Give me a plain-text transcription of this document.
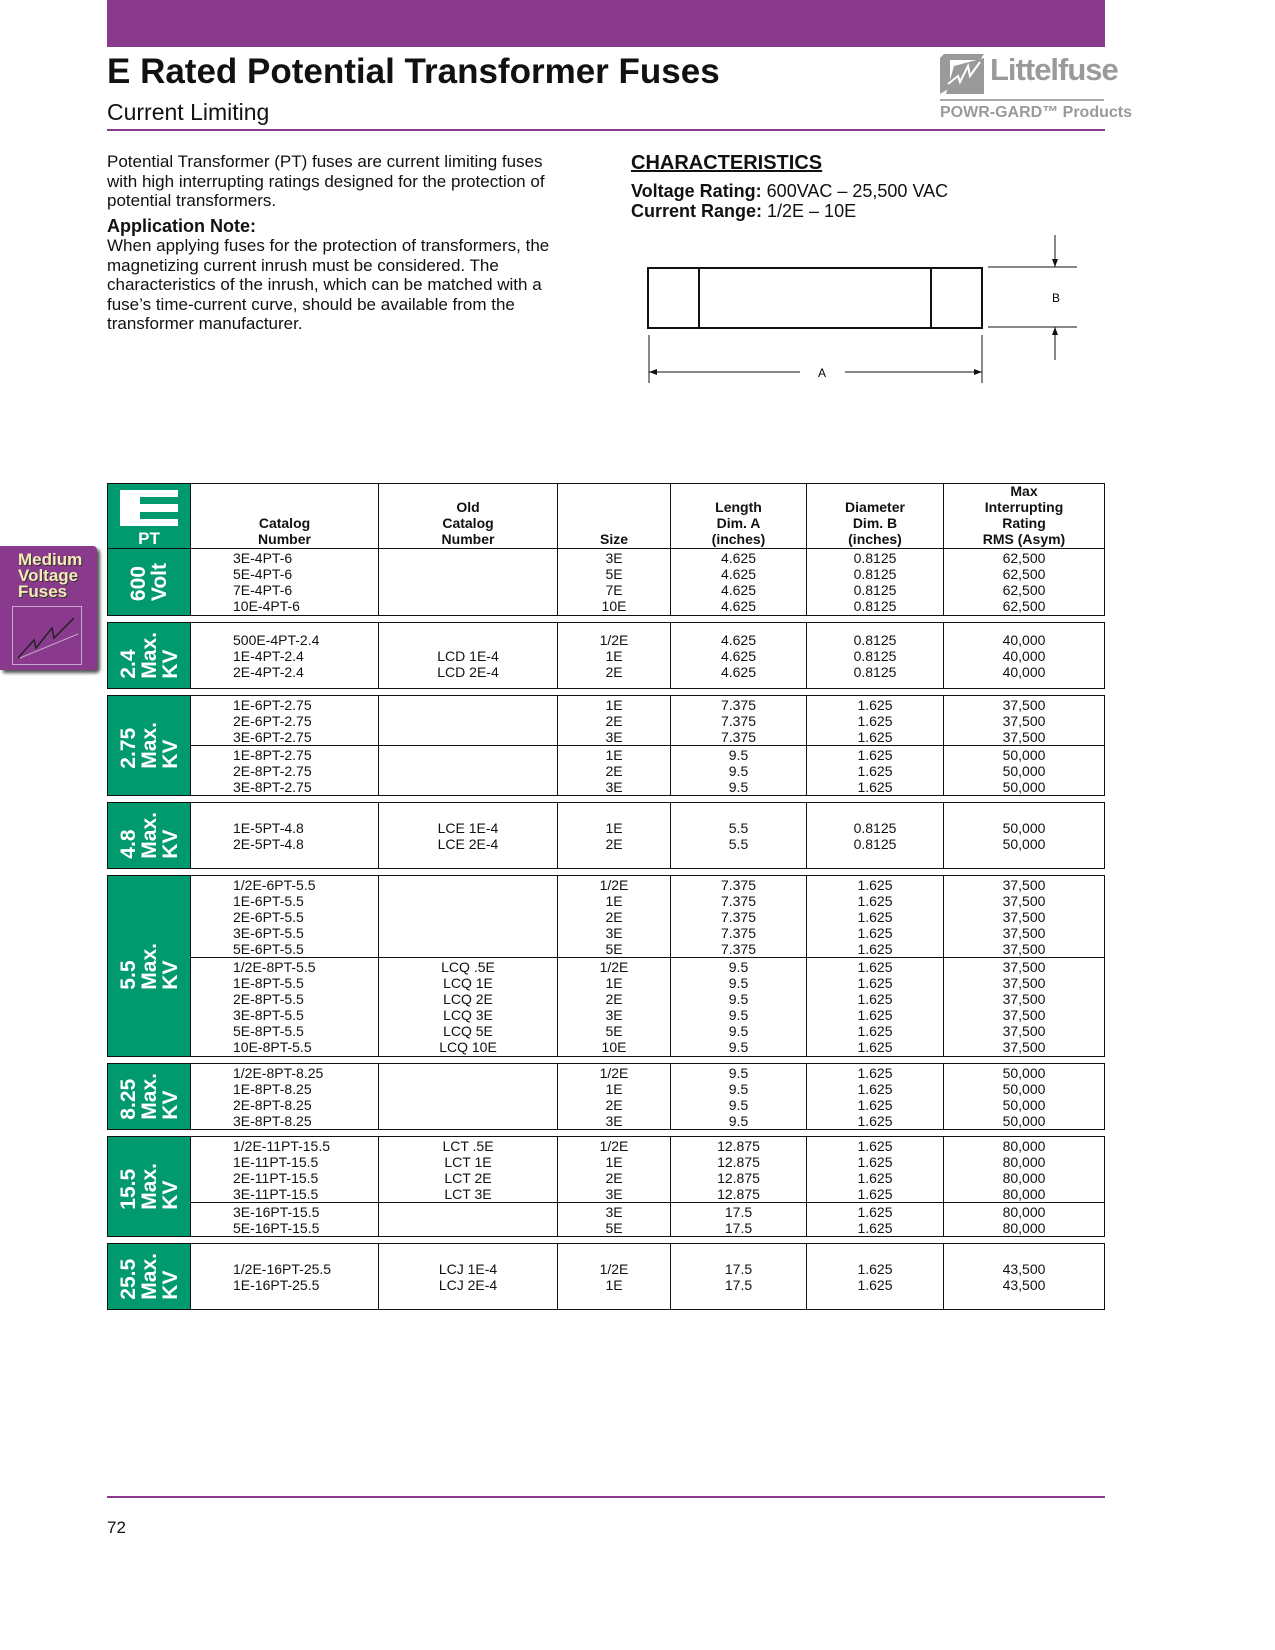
E Rated Potential Transformer Fuses
Current Limiting
Littelfuse
POWR-GARD™ Products

Potential Transformer (PT) fuses are current limiting fuses with high interrupting ratings designed for the protection of potential transformers.

Application Note:

When applying fuses for the protection of transformers, the magnetizing current inrush must be considered. The characteristics of the inrush, which can be matched with a fuse’s time-current curve, should be available from the transformer manufacturer.

CHARACTERISTICS
Voltage Rating: 600VAC – 25,500 VAC
Current Range: 1/2E – 10E
A
B
Medium Voltage Fuses
PT
Catalog
Number
Old
Catalog
Number	Size
Length
Dim. A
(inches)
Diameter
Dim. B
(inches)
Max
Interrupting
Rating
RMS (Asym)
600
Volt
3E-4PT-6
5E-4PT-6
7E-4PT-6
10E-4PT-6

3E
5E
7E
10E
4.625
4.625
4.625
4.625
0.8125
0.8125
0.8125
0.8125
62,500
62,500
62,500
62,500
2.4
Max.
KV
500E-4PT-2.4
1E-4PT-2.4
2E-4PT-2.4

LCD 1E-4
LCD 2E-4
1/2E
1E
2E
4.625
4.625
4.625
0.8125
0.8125
0.8125
40,000
40,000
40,000
2.75
Max.
KV
1E-6PT-2.75
2E-6PT-2.75
3E-6PT-2.75

1E
2E
3E
7.375
7.375
7.375
1.625
1.625
1.625
37,500
37,500
37,500
1E-8PT-2.75
2E-8PT-2.75
3E-8PT-2.75

1E
2E
3E
9.5
9.5
9.5
1.625
1.625
1.625
50,000
50,000
50,000
4.8
Max.
KV
1E-5PT-4.8
2E-5PT-4.8
LCE 1E-4
LCE 2E-4
1E
2E
5.5
5.5
0.8125
0.8125
50,000
50,000
5.5
Max.
KV
1/2E-6PT-5.5
1E-6PT-5.5
2E-6PT-5.5
3E-6PT-5.5
5E-6PT-5.5

1/2E
1E
2E
3E
5E
7.375
7.375
7.375
7.375
7.375
1.625
1.625
1.625
1.625
1.625
37,500
37,500
37,500
37,500
37,500
1/2E-8PT-5.5
1E-8PT-5.5
2E-8PT-5.5
3E-8PT-5.5
5E-8PT-5.5
10E-8PT-5.5
LCQ .5E
LCQ 1E
LCQ 2E
LCQ 3E
LCQ 5E
LCQ 10E
1/2E
1E
2E
3E
5E
10E
9.5
9.5
9.5
9.5
9.5
9.5
1.625
1.625
1.625
1.625
1.625
1.625
37,500
37,500
37,500
37,500
37,500
37,500
8.25
Max.
KV
1/2E-8PT-8.25
1E-8PT-8.25
2E-8PT-8.25
3E-8PT-8.25

1/2E
1E
2E
3E
9.5
9.5
9.5
9.5
1.625
1.625
1.625
1.625
50,000
50,000
50,000
50,000
15.5
Max.
KV
1/2E-11PT-15.5
1E-11PT-15.5
2E-11PT-15.5
3E-11PT-15.5
LCT .5E
LCT 1E
LCT 2E
LCT 3E
1/2E
1E
2E
3E
12.875
12.875
12.875
12.875
1.625
1.625
1.625
1.625
80,000
80,000
80,000
80,000
3E-16PT-15.5
5E-16PT-15.5

3E
5E
17.5
17.5
1.625
1.625
80,000
80,000
25.5
Max.
KV
1/2E-16PT-25.5
1E-16PT-25.5
LCJ 1E-4
LCJ 2E-4
1/2E
1E
17.5
17.5
1.625
1.625
43,500
43,500
72
